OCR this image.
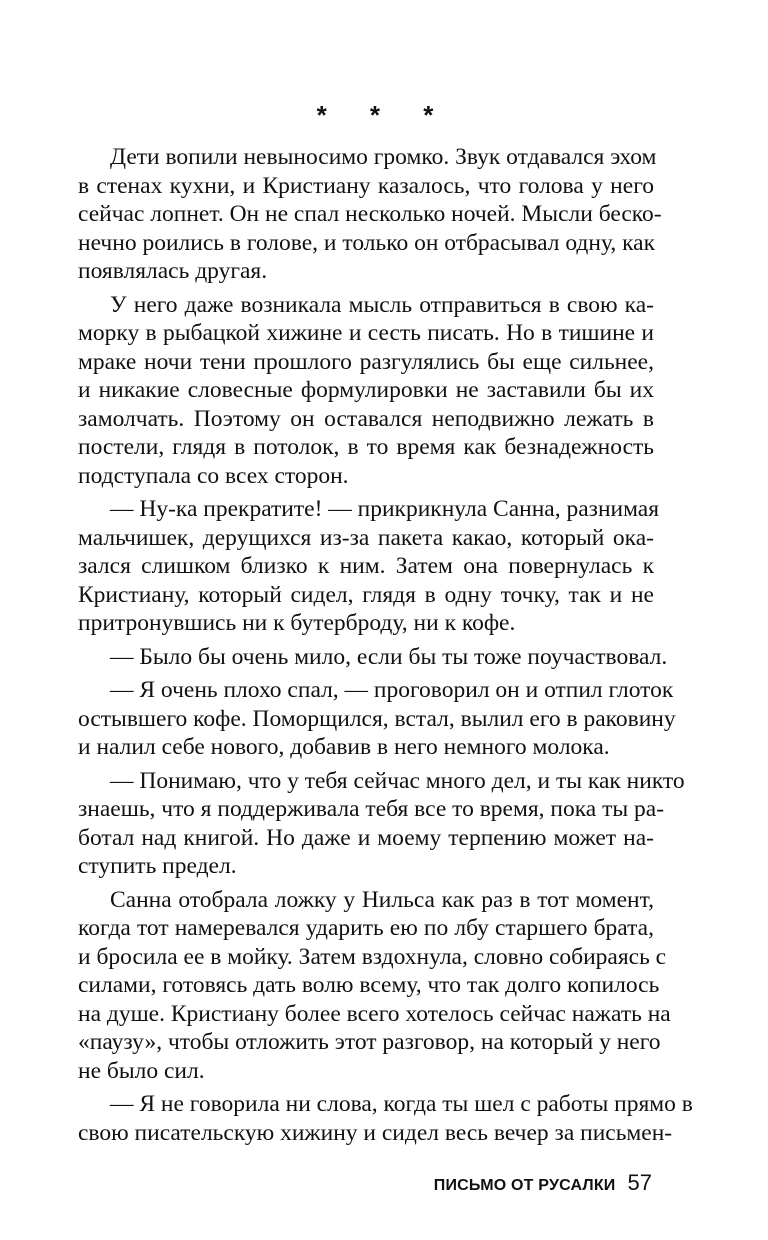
* * *
Дети вопили невыносимо громко. Звук отдавался эхом
в стенах кухни, и Кристиану казалось, что голова у него
сейчас лопнет. Он не спал несколько ночей. Мысли беско-
нечно роились в голове, и только он отбрасывал одну, как
появлялась другая.
У него даже возникала мысль отправиться в свою ка-
морку в рыбацкой хижине и сесть писать. Но в тишине и
мраке ночи тени прошлого разгулялись бы еще сильнее,
и никакие словесные формулировки не заставили бы их
замолчать. Поэтому он оставался неподвижно лежать в
постели, глядя в потолок, в то время как безнадежность
подступала со всех сторон.
— Ну-ка прекратите! — прикрикнула Санна, разнимая
мальчишек, дерущихся из-за пакета какао, который ока-
зался слишком близко к ним. Затем она повернулась к
Кристиану, который сидел, глядя в одну точку, так и не
притронувшись ни к бутерброду, ни к кофе.
— Было бы очень мило, если бы ты тоже поучаствовал.
— Я очень плохо спал, — проговорил он и отпил глоток
остывшего кофе. Поморщился, встал, вылил его в раковину
и налил себе нового, добавив в него немного молока.
— Понимаю, что у тебя сейчас много дел, и ты как никто
знаешь, что я поддерживала тебя все то время, пока ты ра-
ботал над книгой. Но даже и моему терпению может на-
ступить предел.
Санна отобрала ложку у Нильса как раз в тот момент,
когда тот намеревался ударить ею по лбу старшего брата,
и бросила ее в мойку. Затем вздохнула, словно собираясь с
силами, готовясь дать волю всему, что так долго копилось
на душе. Кристиану более всего хотелось сейчас нажать на
«паузу», чтобы отложить этот разговор, на который у него
не было сил.
— Я не говорила ни слова, когда ты шел с работы прямо в
свою писательскую хижину и сидел весь вечер за письмен-
ПИСЬМО ОТ РУСАЛКИ 57
